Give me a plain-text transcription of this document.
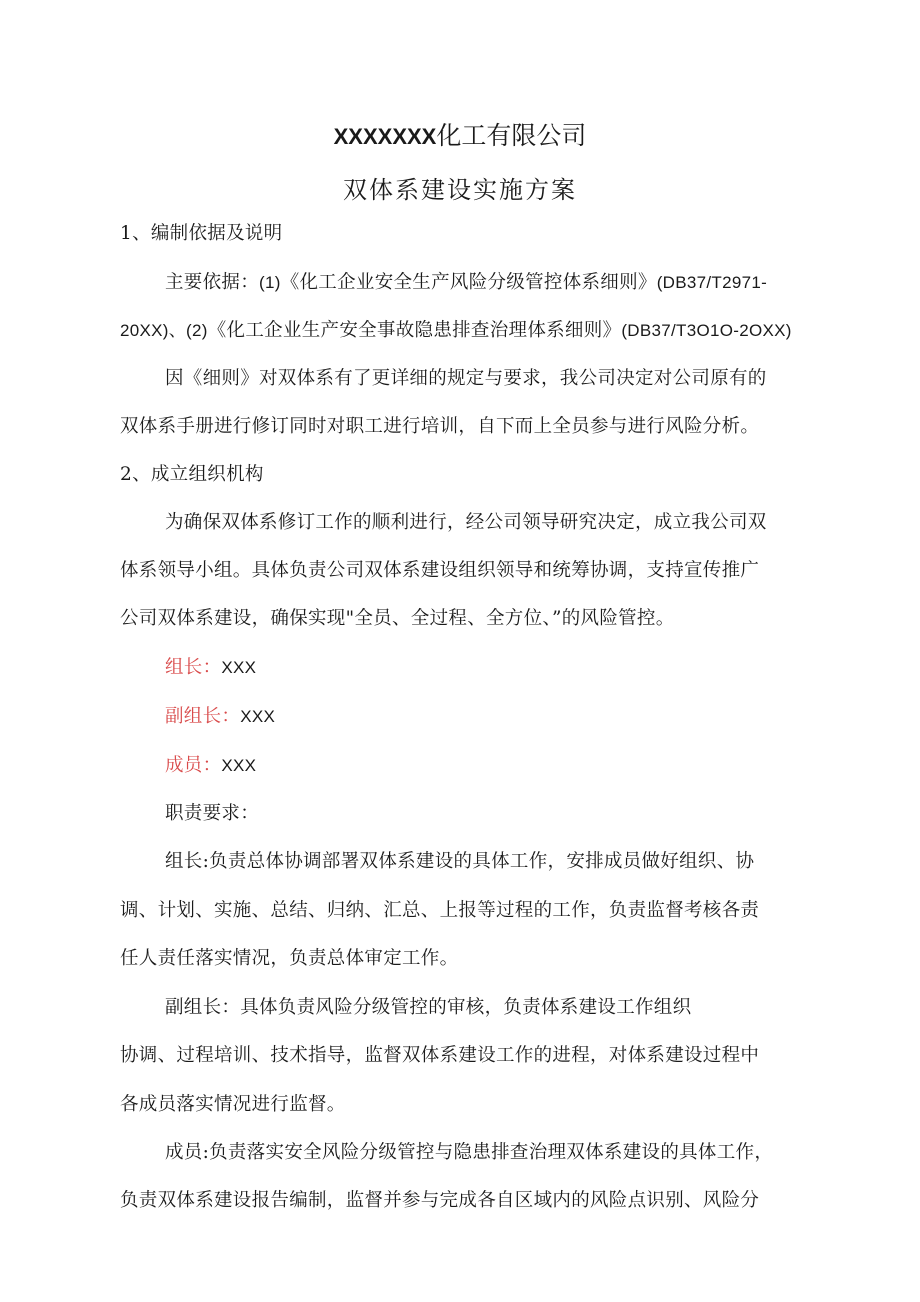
XXXXXXX化工有限公司
双体系建设实施方案
1、编制依据及说明
主要依据：(1)《化工企业安全生产风险分级管控体系细则》(DB37/T2971-
20XX)、(2)《化工企业生产安全事故隐患排查治理体系细则》(DB37/T3O1O-2OXX)
因《细则》对双体系有了更详细的规定与要求，我公司决定对公司原有的
双体系手册进行修订同时对职工进行培训，自下而上全员参与进行风险分析。
2、成立组织机构
为确保双体系修订工作的顺利进行，经公司领导研究决定，成立我公司双
体系领导小组。具体负责公司双体系建设组织领导和统筹协调，支持宣传推广
公司双体系建设，确保实现"全员、全过程、全方位、”的风险管控。
组长：XXX
副组长：XXX
成员：XXX
职责要求：
组长:负责总体协调部署双体系建设的具体工作，安排成员做好组织、协
调、计划、实施、总结、归纳、汇总、上报等过程的工作，负责监督考核各责
任人责任落实情况，负责总体审定工作。
副组长：具体负责风险分级管控的审核，负责体系建设工作组织
协调、过程培训、技术指导，监督双体系建设工作的进程，对体系建设过程中
各成员落实情况进行监督。
成员:负责落实安全风险分级管控与隐患排查治理双体系建设的具体工作，
负责双体系建设报告编制，监督并参与完成各自区域内的风险点识别、风险分
